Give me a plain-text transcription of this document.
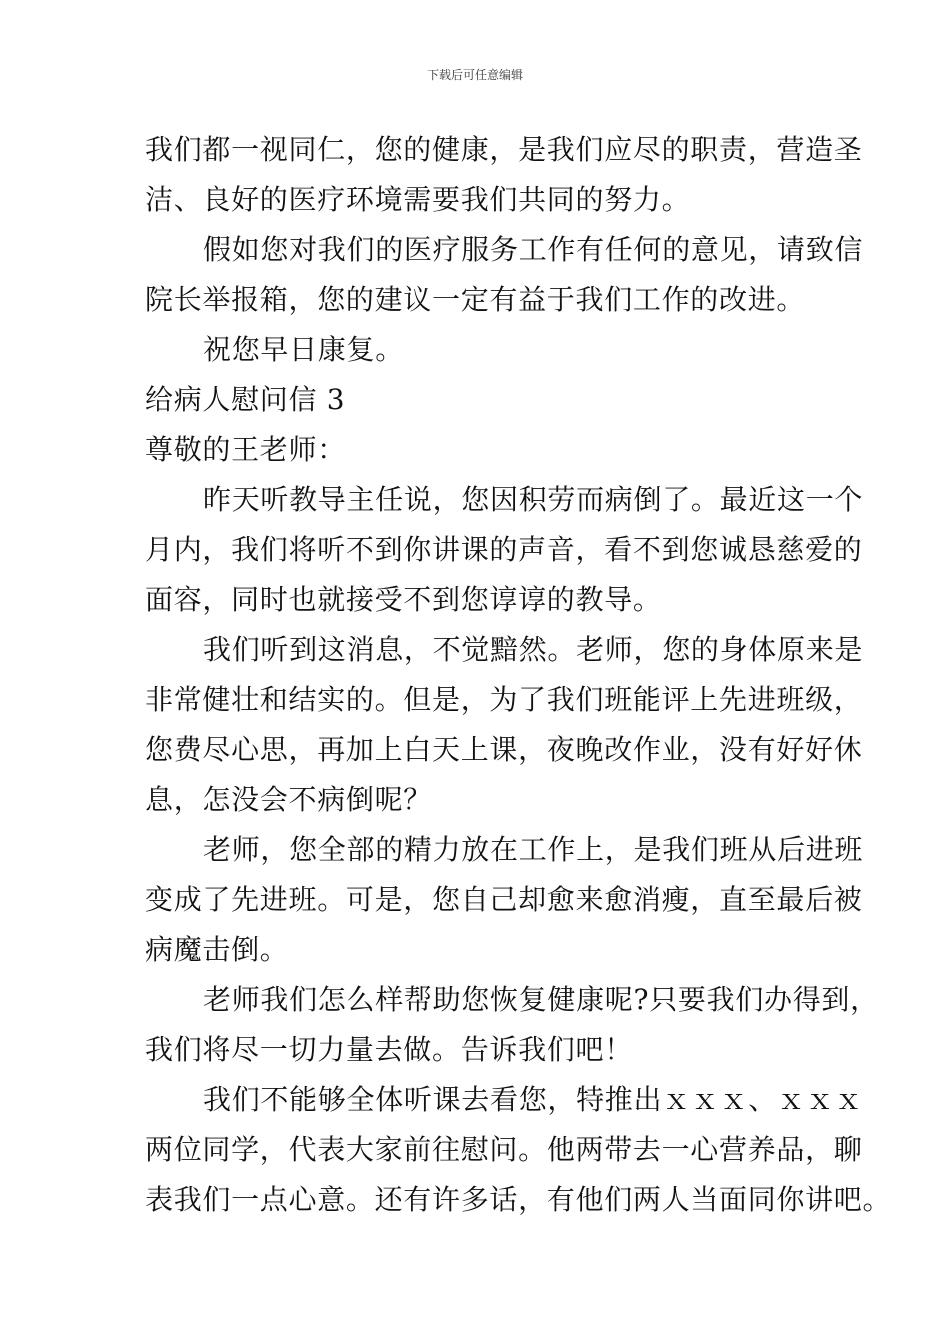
下载后可任意编辑
我们都一视同仁，您的健康，是我们应尽的职责，营造圣
洁、良好的医疗环境需要我们共同的努力。
假如您对我们的医疗服务工作有任何的意见，请致信
院长举报箱，您的建议一定有益于我们工作的改进。
祝您早日康复。
给病人慰问信 3
尊敬的王老师：
昨天听教导主任说，您因积劳而病倒了。最近这一个
月内，我们将听不到你讲课的声音，看不到您诚恳慈爱的
面容，同时也就接受不到您谆谆的教导。
我们听到这消息，不觉黯然。老师，您的身体原来是
非常健壮和结实的。但是，为了我们班能评上先进班级，
您费尽心思，再加上白天上课，夜晚改作业，没有好好休
息，怎没会不病倒呢？
老师，您全部的精力放在工作上，是我们班从后进班
变成了先进班。可是，您自己却愈来愈消瘦，直至最后被
病魔击倒。
老师我们怎么样帮助您恢复健康呢?只要我们办得到，
我们将尽一切力量去做。告诉我们吧！
我们不能够全体听课去看您，特推出ｘｘｘ、ｘｘｘ
两位同学，代表大家前往慰问。他两带去一心营养品，聊
表我们一点心意。还有许多话，有他们两人当面同你讲吧。
